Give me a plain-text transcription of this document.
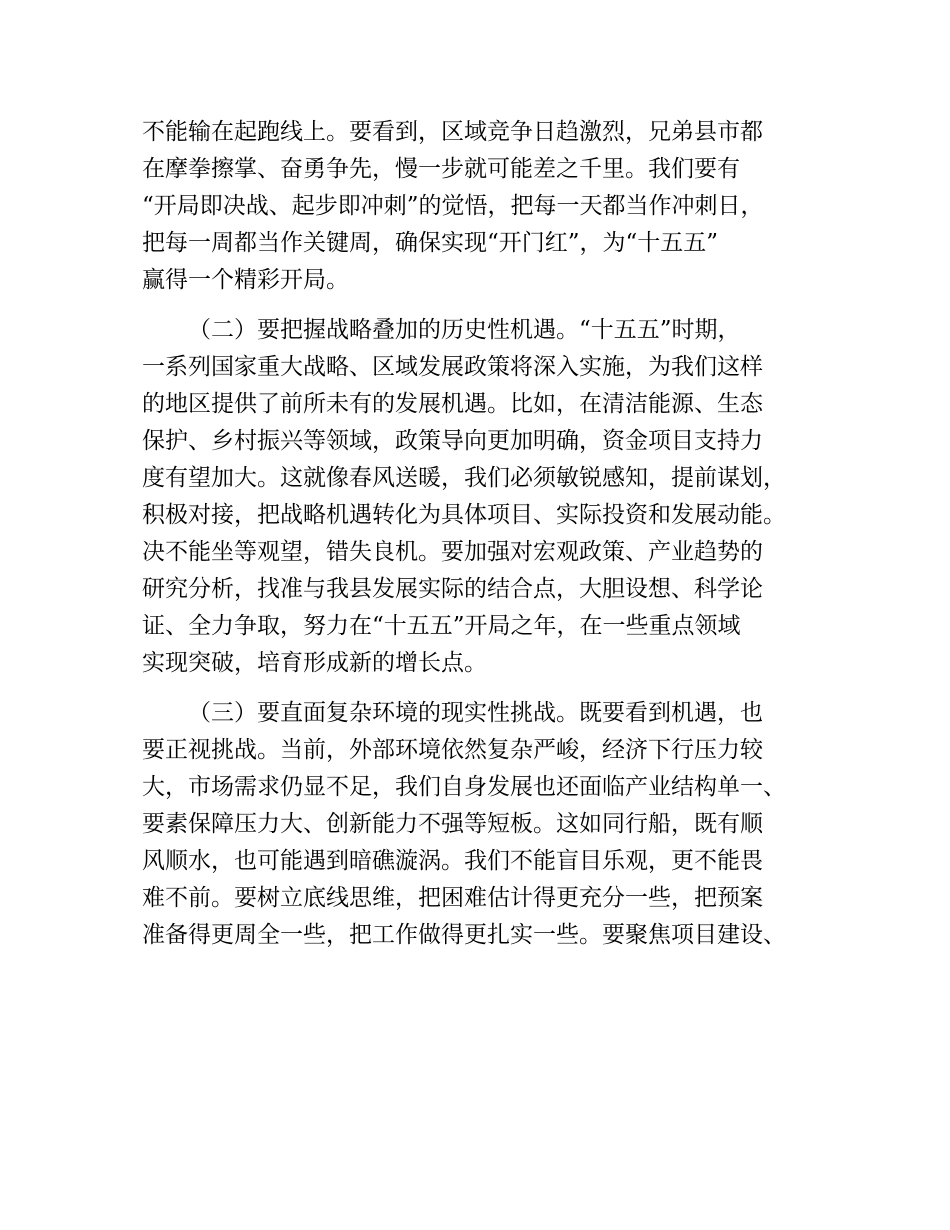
不能输在起跑线上。要看到，区域竞争日趋激烈，兄弟县市都
在摩拳擦掌、奋勇争先，慢一步就可能差之千里。我们要有
“开局即决战、起步即冲刺”的觉悟，把每一天都当作冲刺日，
把每一周都当作关键周，确保实现“开门红”，为“十五五”
赢得一个精彩开局。
（二）要把握战略叠加的历史性机遇。“十五五”时期，
一系列国家重大战略、区域发展政策将深入实施，为我们这样
的地区提供了前所未有的发展机遇。比如，在清洁能源、生态
保护、乡村振兴等领域，政策导向更加明确，资金项目支持力
度有望加大。这就像春风送暖，我们必须敏锐感知，提前谋划，
积极对接，把战略机遇转化为具体项目、实际投资和发展动能。
决不能坐等观望，错失良机。要加强对宏观政策、产业趋势的
研究分析，找准与我县发展实际的结合点，大胆设想、科学论
证、全力争取，努力在“十五五”开局之年，在一些重点领域
实现突破，培育形成新的增长点。
（三）要直面复杂环境的现实性挑战。既要看到机遇，也
要正视挑战。当前，外部环境依然复杂严峻，经济下行压力较
大，市场需求仍显不足，我们自身发展也还面临产业结构单一、
要素保障压力大、创新能力不强等短板。这如同行船，既有顺
风顺水，也可能遇到暗礁漩涡。我们不能盲目乐观，更不能畏
难不前。要树立底线思维，把困难估计得更充分一些，把预案
准备得更周全一些，把工作做得更扎实一些。要聚焦项目建设、
